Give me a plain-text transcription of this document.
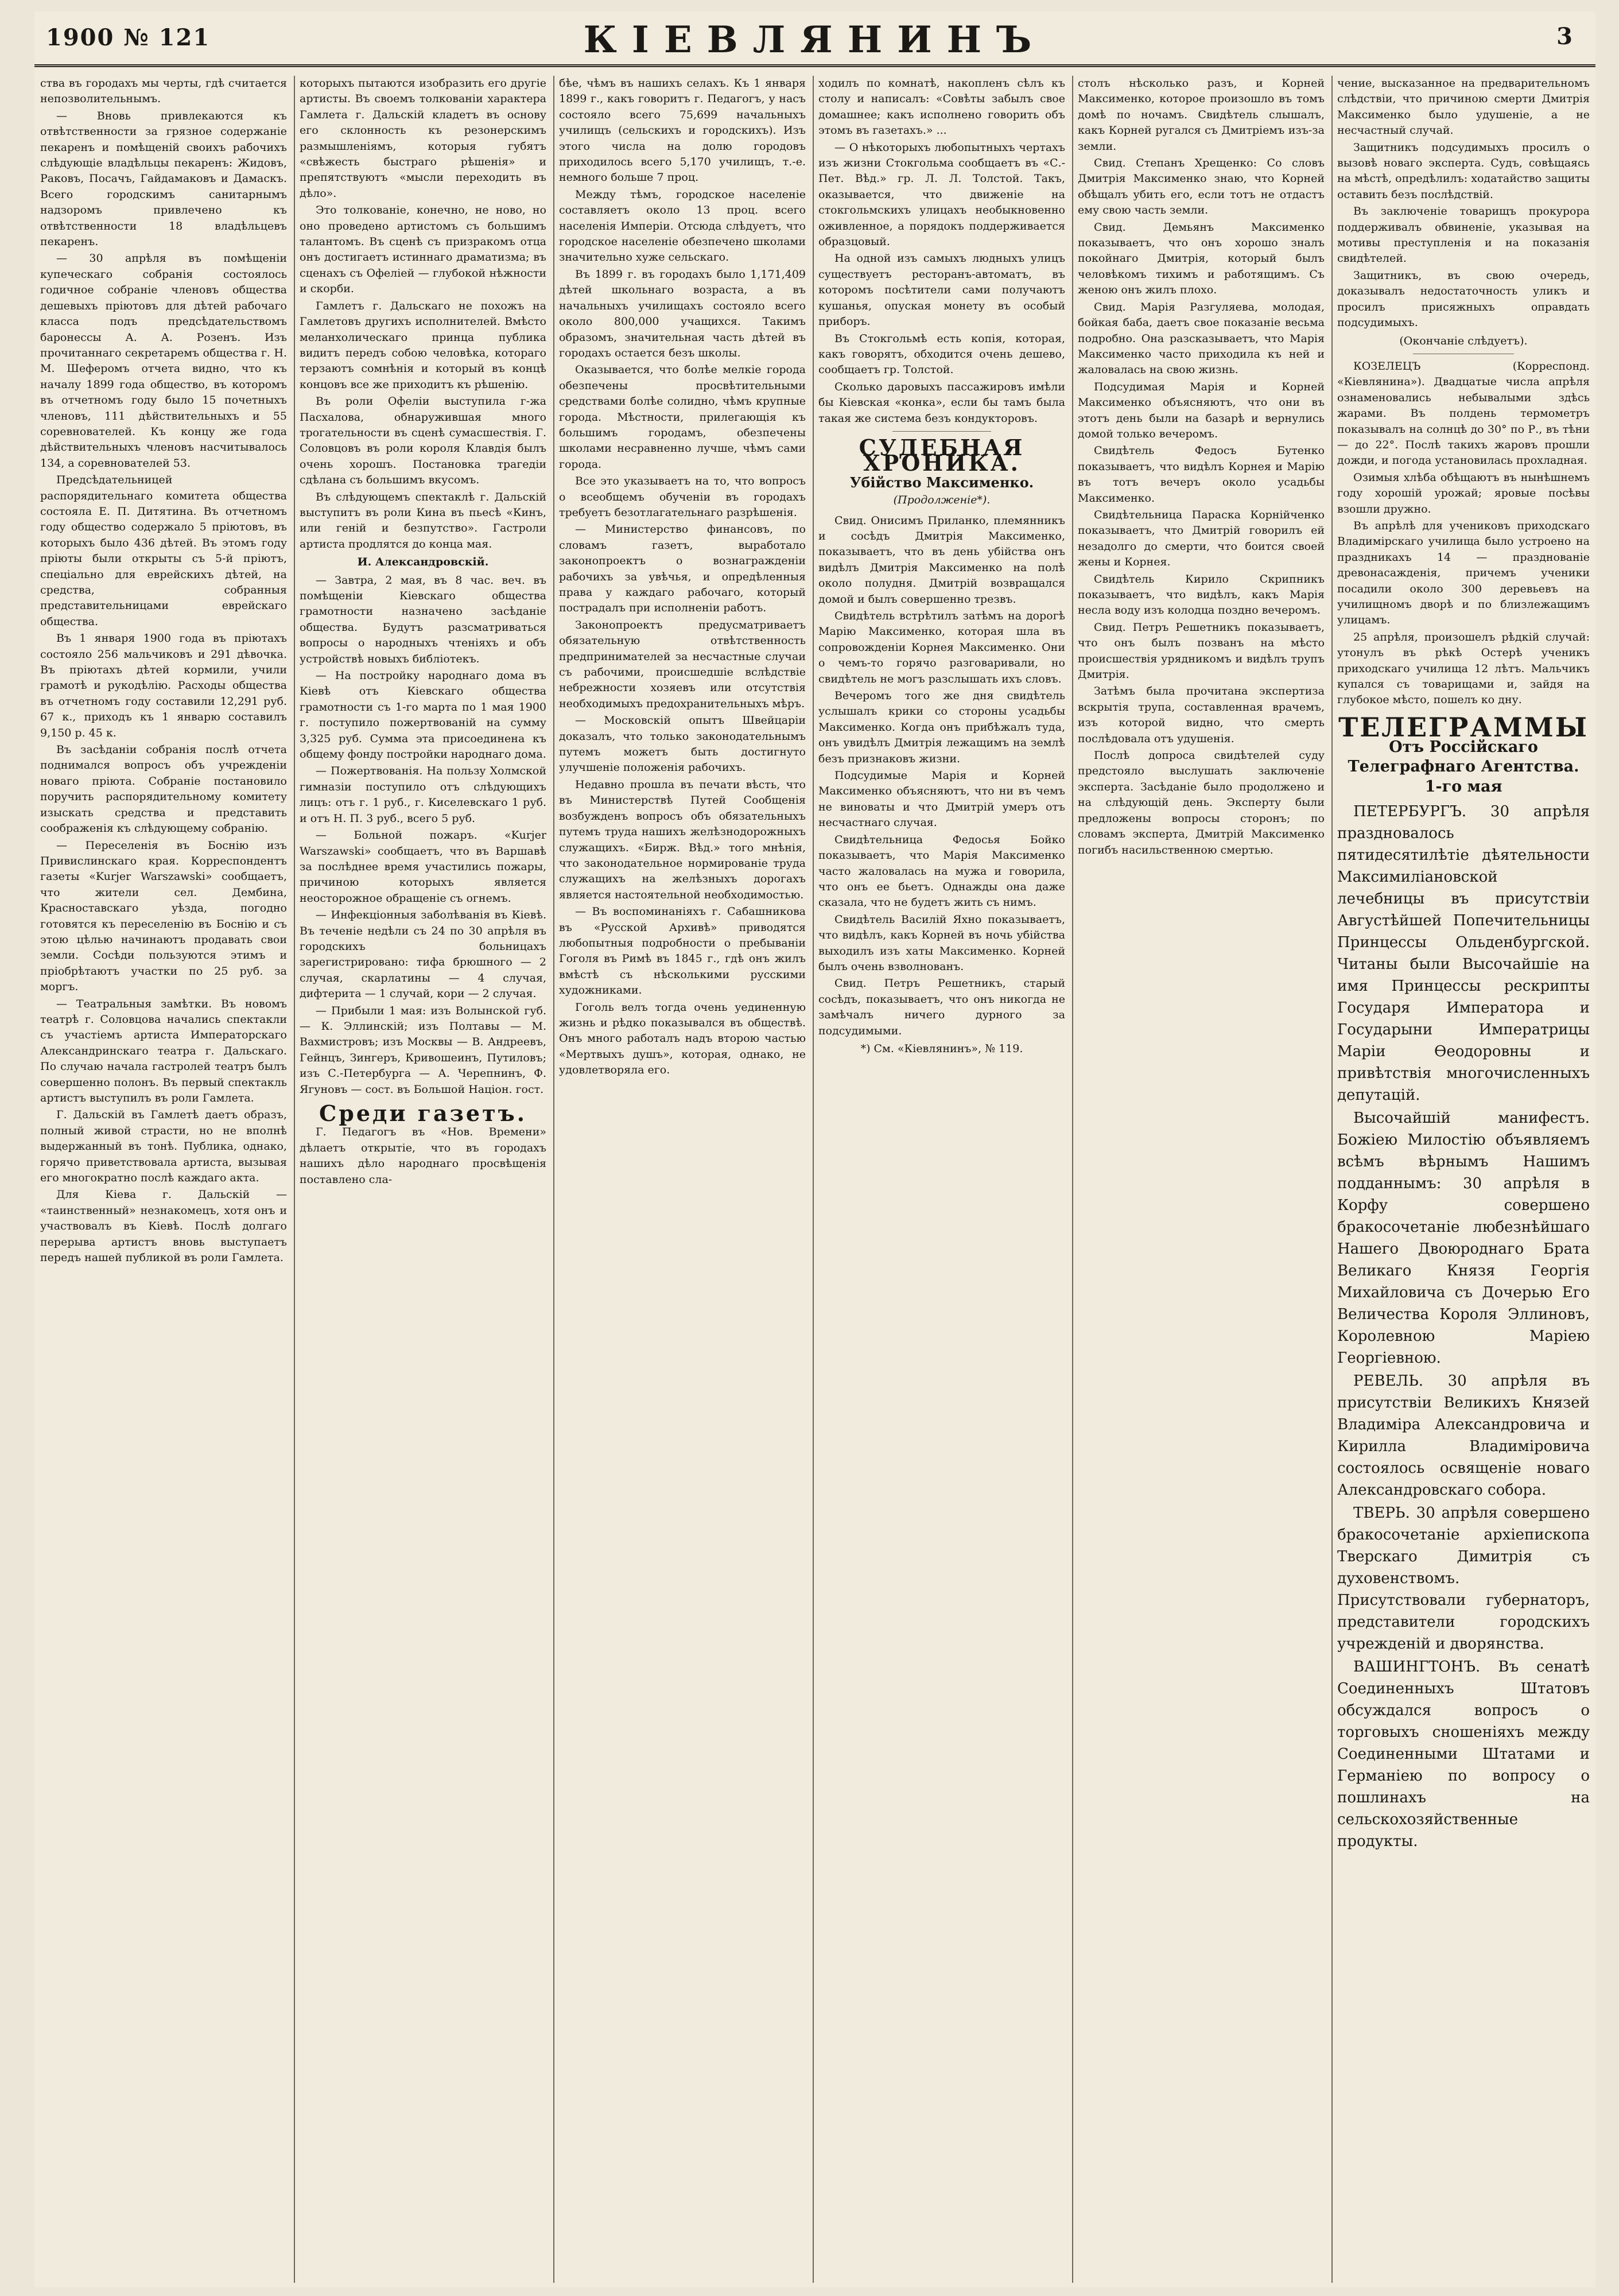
1900 № 121	КІЕВЛЯНИНЪ	3

ства въ городахъ мы черты, гдѣ считается непозволительнымъ.

— Вновь привлекаются къ отвѣтственности за грязное содержаніе пекаренъ и помѣщеній своихъ рабочихъ слѣдующіе владѣльцы пекаренъ: Жидовъ, Раковъ, Посачъ, Гайдамаковъ и Дамаскъ. Всего городскимъ санитарнымъ надзоромъ привлечено къ отвѣтственности 18 владѣльцевъ пекаренъ.

— 30 апрѣля въ помѣщеніи купеческаго собранія состоялось годичное собраніе членовъ общества дешевыхъ пріютовъ для дѣтей рабочаго класса подъ предсѣдательствомъ баронессы А. А. Розенъ. Изъ прочитаннаго секретаремъ общества г. Н. М. Шеферомъ отчета видно, что къ началу 1899 года общество, въ которомъ въ отчетномъ году было 15 почетныхъ членовъ, 111 дѣйствительныхъ и 55 соревнователей. Къ концу же года дѣйствительныхъ членовъ насчитывалось 134, а соревнователей 53.

Предсѣдательницей распорядительнаго комитета общества состояла Е. П. Дитятина. Въ отчетномъ году общество содержало 5 пріютовъ, въ которыхъ было 436 дѣтей. Въ этомъ году пріюты были открыты съ 5-й пріютъ, спеціально для еврейскихъ дѣтей, на средства, собранныя представительницами еврейскаго общества.

Въ 1 января 1900 года въ пріютахъ состояло 256 мальчиковъ и 291 дѣвочка. Въ пріютахъ дѣтей кормили, учили грамотѣ и рукодѣлію. Расходы общества въ отчетномъ году составили 12,291 руб. 67 к., приходъ къ 1 январю составилъ 9,150 р. 45 к.

Въ засѣданіи собранія послѣ отчета поднимался вопросъ объ учрежденіи новаго пріюта. Собраніе постановило поручить распорядительному комитету изыскать средства и представить соображенія къ слѣдующему собранію.

— Переселенія въ Боснію изъ Привислинскаго края. Корреспондентъ газеты «Kurjer Warszawski» сообщаетъ, что жители сел. Дембина, Красноставскаго уѣзда, погодно готовятся къ переселенію въ Боснію и съ этою цѣлью начинаютъ продавать свои земли. Сосѣди пользуются этимъ и пріобрѣтаютъ участки по 25 руб. за моргъ.

— Театральныя замѣтки. Въ новомъ театрѣ г. Соловцова начались спектакли съ участіемъ артиста Императорскаго Александринскаго театра г. Дальскаго. По случаю начала гастролей театръ былъ совершенно полонъ. Въ первый спектакль артистъ выступилъ въ роли Гамлета.

Г. Дальскій въ Гамлетѣ даетъ образъ, полный живой страсти, но не вполнѣ выдержанный въ тонѣ. Публика, однако, горячо приветствовала артиста, вызывая его многократно послѣ каждаго акта.

Для Кіева г. Дальскій — «таинственный» незнакомецъ, хотя онъ и участвовалъ въ Кіевѣ. Послѣ долгаго перерыва артистъ вновь выступаетъ передъ нашей публикой въ роли Гамлета.

которыхъ пытаются изобразить его другіе артисты. Въ своемъ толкованіи характера Гамлета г. Дальскій кладетъ въ основу его склонность къ резонерскимъ размышленіямъ, которыя губятъ «свѣжесть быстраго рѣшенія» и препятствуютъ «мысли переходить въ дѣло».

Это толкованіе, конечно, не ново, но оно проведено артистомъ съ большимъ талантомъ. Въ сценѣ съ призракомъ отца онъ достигаетъ истиннаго драматизма; въ сценахъ съ Офеліей — глубокой нѣжности и скорби.

Гамлетъ г. Дальскаго не похожъ на Гамлетовъ другихъ исполнителей. Вмѣсто меланхолическаго принца публика видитъ передъ собою человѣка, котораго терзаютъ сомнѣнія и который въ концѣ концовъ все же приходитъ къ рѣшенію.

Въ роли Офеліи выступила г-жа Пасхалова, обнаружившая много трогательности въ сценѣ сумасшествія. Г. Соловцовъ въ роли короля Клавдія былъ очень хорошъ. Постановка трагедіи сдѣлана съ большимъ вкусомъ.

Въ слѣдующемъ спектаклѣ г. Дальскій выступитъ въ роли Кина въ пьесѣ «Кинъ, или геній и безпутство». Гастроли артиста продлятся до конца мая.

И. Александровскій.

— Завтра, 2 мая, въ 8 час. веч. въ помѣщеніи Кіевскаго общества грамотности назначено засѣданіе общества. Будутъ разсматриваться вопросы о народныхъ чтеніяхъ и объ устройствѣ новыхъ библіотекъ.

— На постройку народнаго дома въ Кіевѣ отъ Кіевскаго общества грамотности съ 1-го марта по 1 мая 1900 г. поступило пожертвованій на сумму 3,325 руб. Сумма эта присоединена къ общему фонду постройки народнаго дома.

— Пожертвованія. На пользу Холмской гимназіи поступило отъ слѣдующихъ лицъ: отъ г. 1 руб., г. Киселевскаго 1 руб. и отъ Н. П. 3 руб., всего 5 руб.

— Больной пожаръ. «Kurjer Warszawski» сообщаетъ, что въ Варшавѣ за послѣднее время участились пожары, причиною которыхъ является неосторожное обращеніе съ огнемъ.

— Инфекціонныя заболѣванія въ Кіевѣ. Въ теченіе недѣли съ 24 по 30 апрѣля въ городскихъ больницахъ зарегистрировано: тифа брюшного — 2 случая, скарлатины — 4 случая, дифтерита — 1 случай, кори — 2 случая.

— Прибыли 1 мая: изъ Волынской губ. — К. Эллинскій; изъ Полтавы — М. Вахмистровъ; изъ Москвы — В. Андреевъ, Гейнцъ, Зингеръ, Кривошеинъ, Путиловъ; изъ С.-Петербурга — А. Черепнинъ, Ф. Ягуновъ — сост. въ Большой Націон. гост.

Среди газетъ.

Г. Педагогъ въ «Нов. Времени» дѣлаетъ открытіе, что въ городахъ нашихъ дѣло народнаго просвѣщенія поставлено сла-

бѣе, чѣмъ въ нашихъ селахъ. Къ 1 января 1899 г., какъ говоритъ г. Педагогъ, у насъ состояло всего 75,699 начальныхъ училищъ (сельскихъ и городскихъ). Изъ этого числа на долю городовъ приходилось всего 5,170 училищъ, т.-е. немного больше 7 проц.

Между тѣмъ, городское населеніе составляетъ около 13 проц. всего населенія Имперіи. Отсюда слѣдуетъ, что городское населеніе обезпечено школами значительно хуже сельскаго.

Въ 1899 г. въ городахъ было 1,171,409 дѣтей школьнаго возраста, а въ начальныхъ училищахъ состояло всего около 800,000 учащихся. Такимъ образомъ, значительная часть дѣтей въ городахъ остается безъ школы.

Оказывается, что болѣе мелкіе города обезпечены просвѣтительными средствами болѣе солидно, чѣмъ крупные города. Мѣстности, прилегающія къ большимъ городамъ, обезпечены школами несравненно лучше, чѣмъ сами города.

Все это указываетъ на то, что вопросъ о всеобщемъ обученіи въ городахъ требуетъ безотлагательнаго разрѣшенія.

— Министерство финансовъ, по словамъ газетъ, выработало законопроектъ о вознагражденіи рабочихъ за увѣчья, и опредѣленныя права у каждаго рабочаго, который пострадалъ при исполненіи работъ.

Законопроектъ предусматриваетъ обязательную отвѣтственность предпринимателей за несчастные случаи съ рабочими, происшедшіе вслѣдствіе небрежности хозяевъ или отсутствія необходимыхъ предохранительныхъ мѣръ.

— Московскій опытъ Швейцаріи доказалъ, что только законодательнымъ путемъ можетъ быть достигнуто улучшеніе положенія рабочихъ.

Недавно прошла въ печати вѣсть, что въ Министерствѣ Путей Сообщенія возбужденъ вопросъ объ обязательныхъ путемъ труда нашихъ желѣзнодорожныхъ служащихъ. «Бирж. Вѣд.» того мнѣнія, что законодательное нормированіе труда служащихъ на желѣзныхъ дорогахъ является настоятельной необходимостью.

— Въ воспоминаніяхъ г. Сабашникова въ «Русской Архивѣ» приводятся любопытныя подробности о пребываніи Гоголя въ Римѣ въ 1845 г., гдѣ онъ жилъ вмѣстѣ съ нѣсколькими русскими художниками.

Гоголь велъ тогда очень уединенную жизнь и рѣдко показывался въ обществѣ. Онъ много работалъ надъ второю частью «Мертвыхъ душъ», которая, однако, не удовлетворяла его.

ходилъ по комнатѣ, накопленъ сѣлъ къ столу и написалъ: «Совѣты забылъ свое домашнее; какъ исполнено говорить объ этомъ въ газетахъ.» ...

— О нѣкоторыхъ любопытныхъ чертахъ изъ жизни Стокгольма сообщаетъ въ «С.-Пет. Вѣд.» гр. Л. Л. Толстой. Такъ, оказывается, что движеніе на стокгольмскихъ улицахъ необыкновенно оживленное, а порядокъ поддерживается образцовый.

На одной изъ самыхъ людныхъ улицъ существуетъ ресторанъ-автоматъ, въ которомъ посѣтители сами получаютъ кушанья, опуская монету въ особый приборъ.

Въ Стокгольмѣ есть копія, которая, какъ говорятъ, обходится очень дешево, сообщаетъ гр. Толстой.

Сколько даровыхъ пассажировъ имѣли бы Кіевская «конка», если бы тамъ была такая же система безъ кондукторовъ.

СУДЕБНАЯ ХРОНИКА.
Убійство Максименко.
(Продолженіе*).

Свид. Онисимъ Приланко, племянникъ и сосѣдъ Дмитрія Максименко, показываетъ, что въ день убійства онъ видѣлъ Дмитрія Максименко на полѣ около полудня. Дмитрій возвращался домой и былъ совершенно трезвъ.

Свидѣтель встрѣтилъ затѣмъ на дорогѣ Марію Максименко, которая шла въ сопровожденіи Корнея Максименко. Они о чемъ-то горячо разговаривали, но свидѣтель не могъ разслышать ихъ словъ.

Вечеромъ того же дня свидѣтель услышалъ крики со стороны усадьбы Максименко. Когда онъ прибѣжалъ туда, онъ увидѣлъ Дмитрія лежащимъ на землѣ безъ признаковъ жизни.

Подсудимые Марія и Корней Максименко объясняютъ, что ни въ чемъ не виноваты и что Дмитрій умеръ отъ несчастнаго случая.

Свидѣтельница Федосья Бойко показываетъ, что Марія Максименко часто жаловалась на мужа и говорила, что онъ ее бьетъ. Однажды она даже сказала, что не будетъ жить съ нимъ.

Свидѣтель Василій Яхно показываетъ, что видѣлъ, какъ Корней въ ночь убійства выходилъ изъ хаты Максименко. Корней былъ очень взволнованъ.

Свид. Петръ Решетникъ, старый сосѣдъ, показываетъ, что онъ никогда не замѣчалъ ничего дурного за подсудимыми.

*) См. «Кіевлянинъ», № 119.

столъ нѣсколько разъ, и Корней Максименко, которое произошло въ томъ домѣ по ночамъ. Свидѣтель слышалъ, какъ Корней ругался съ Дмитріемъ изъ-за земли.

Свид. Степанъ Хрещенко: Со словъ Дмитрія Максименко знаю, что Корней обѣщалъ убить его, если тотъ не отдастъ ему свою часть земли.

Свид. Демьянъ Максименко показываетъ, что онъ хорошо зналъ покойнаго Дмитрія, который былъ человѣкомъ тихимъ и работящимъ. Съ женою онъ жилъ плохо.

Свид. Марія Разгуляева, молодая, бойкая баба, даетъ свое показаніе весьма подробно. Она разсказываетъ, что Марія Максименко часто приходила къ ней и жаловалась на свою жизнь.

Подсудимая Марія и Корней Максименко объясняютъ, что они въ этотъ день были на базарѣ и вернулись домой только вечеромъ.

Свидѣтель Федосъ Бутенко показываетъ, что видѣлъ Корнея и Марію въ тотъ вечеръ около усадьбы Максименко.

Свидѣтельница Параска Корнійченко показываетъ, что Дмитрій говорилъ ей незадолго до смерти, что боится своей жены и Корнея.

Свидѣтель Кирило Скрипникъ показываетъ, что видѣлъ, какъ Марія несла воду изъ колодца поздно вечеромъ.

Свид. Петръ Решетникъ показываетъ, что онъ былъ позванъ на мѣсто происшествія урядникомъ и видѣлъ трупъ Дмитрія.

Затѣмъ была прочитана экспертиза вскрытія трупа, составленная врачемъ, изъ которой видно, что смерть послѣдовала отъ удушенія.

Послѣ допроса свидѣтелей суду предстояло выслушать заключеніе эксперта. Засѣданіе было продолжено и на слѣдующій день. Эксперту были предложены вопросы сторонъ; по словамъ эксперта, Дмитрій Максименко погибъ насильственною смертью.

чение, высказанное на предварительномъ слѣдствіи, что причиною смерти Дмитрія Максименко было удушеніе, а не несчастный случай.

Защитникъ подсудимыхъ просилъ о вызовѣ новаго эксперта. Судъ, совѣщаясь на мѣстѣ, опредѣлилъ: ходатайство защиты оставить безъ послѣдствій.

Въ заключеніе товарищъ прокурора поддерживалъ обвиненіе, указывая на мотивы преступленія и на показанія свидѣтелей.

Защитникъ, въ свою очередь, доказывалъ недостаточность уликъ и просилъ присяжныхъ оправдать подсудимыхъ.

(Окончаніе слѣдуетъ).

КОЗЕЛЕЦЪ (Корреспонд. «Кіевлянина»). Двадцатые числа апрѣля ознаменовались небывалыми здѣсь жарами. Въ полдень термометръ показывалъ на солнцѣ до 30° по Р., въ тѣни — до 22°. Послѣ такихъ жаровъ прошли дожди, и погода установилась прохладная.

Озимыя хлѣба обѣщаютъ въ нынѣшнемъ году хорошій урожай; яровые посѣвы взошли дружно.

Въ апрѣлѣ для учениковъ приходскаго Владимірскаго училища было устроено на праздникахъ 14 — празднованіе древонасажденія, причемъ ученики посадили около 300 деревьевъ на училищномъ дворѣ и по близлежащимъ улицамъ.

25 апрѣля, произошелъ рѣдкій случай: утонулъ въ рѣкѣ Остерѣ ученикъ приходскаго училища 12 лѣтъ. Мальчикъ купался съ товарищами и, зайдя на глубокое мѣсто, пошелъ ко дну.

ТЕЛЕГРАММЫ
Отъ Россійскаго Телеграфнаго Агентства.
1-го мая

ПЕТЕРБУРГЪ. 30 апрѣля праздновалось пятидесятилѣтіе дѣятельности Максимиліановской лечебницы въ присутствіи Августѣйшей Попечительницы Принцессы Ольденбургской. Читаны были Высочайшіе на имя Принцессы рескрипты Государя Императора и Государыни Императрицы Маріи Ѳеодоровны и привѣтствія многочисленныхъ депутацій.

Высочайшій манифестъ. Божіею Милостію объявляемъ всѣмъ вѣрнымъ Нашимъ подданнымъ: 30 апрѣля в Корфу совершено бракосочетаніе любезнѣйшаго Нашего Двоюроднаго Брата Великаго Князя Георгія Михайловича съ Дочерью Его Величества Короля Эллиновъ, Королевною Маріею Георгіевною.

РЕВЕЛЬ. 30 апрѣля въ присутствіи Великихъ Князей Владиміра Александровича и Кирилла Владиміровича состоялось освященіе новаго Александровскаго собора.

ТВЕРЬ. 30 апрѣля совершено бракосочетаніе архіепископа Тверскаго Димитрія съ духовенствомъ. Присутствовали губернаторъ, представители городскихъ учрежденій и дворянства.

ВАШИНГТОНЪ. Въ сенатѣ Соединенныхъ Штатовъ обсуждался вопросъ о торговыхъ сношеніяхъ между Соединенными Штатами и Германіею по вопросу о пошлинахъ на сельскохозяйственные продукты.
